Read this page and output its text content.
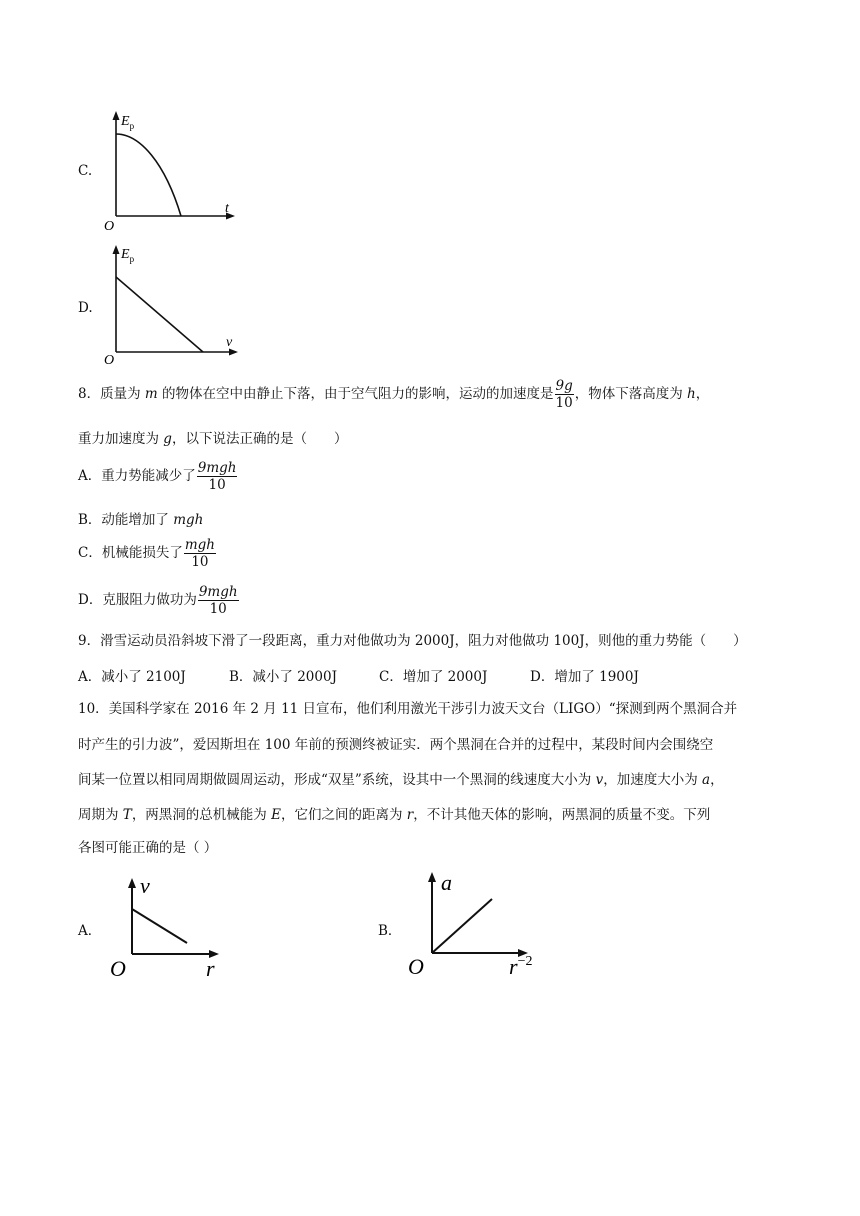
C.
$E_p$
t
O
D.
$E_p$
v
O
8．质量为 m 的物体在空中由静止下落，由于空气阻力的影响，运动的加速度是 $\frac{9g}{10}$ ，物体下落高度为 h，
重力加速度为 g，以下说法正确的是（　　）
A．重力势能减少了 $\frac{\text{9mgh}}{10}$
B．动能增加了 mgh
C．机械能损失了 $\frac{\text{mgh}}{10}$
D．克服阻力做功为 $\frac{\text{9mgh}}{10}$
9．滑雪运动员沿斜坡下滑了一段距离，重力对他做功为 2000J，阻力对他做功 100J，则他的重力势能（　　）
A．减小了 2100J	B．减小了 2000J	C．增加了 2000J	D．增加了 1900J
10．美国科学家在 2016 年 2 月 11 日宣布，他们利用激光干涉引力波天文台（LIGO）“探测到两个黑洞合并
时产生的引力波”，爱因斯坦在 100 年前的预测终被证实．两个黑洞在合并的过程中，某段时间内会围绕空
间某一位置以相同周期做圆周运动，形成“双星”系统，设其中一个黑洞的线速度大小为 v，加速度大小为 a，
周期为 T，两黑洞的总机械能为 E，它们之间的距离为 r，不计其他天体的影响，两黑洞的质量不变。下列
各图可能正确的是（ ）
A．
v
r
O
B．
a
$r^{-2}$
O
